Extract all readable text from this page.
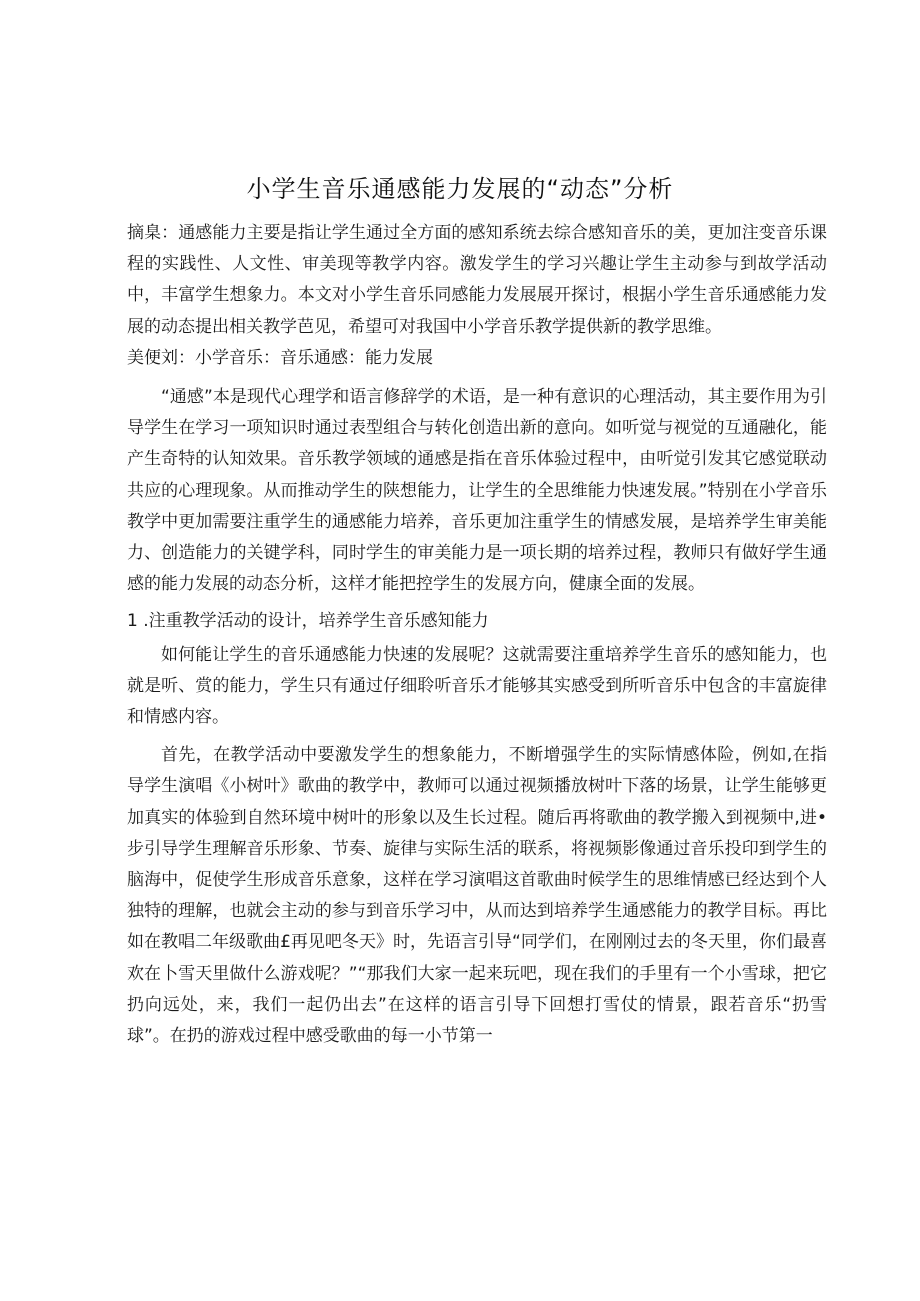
小学生音乐通感能力发展的“动态”分析

摘臬：通感能力主要是指让学生通过全方面的感知系统去综合感知音乐的美，更加注变音乐课程的实践性、人文性、审美现等教学内容。激发学生的学习兴趣让学生主动参与到故学活动中，丰富学生想象力。本文对小学生音乐同感能力发展展开探讨，根据小学生音乐通感能力发展的动态提出相关教学芭见，希望可对我国中小学音乐教学提供新的教学思维。

美便刘：小学音乐：音乐通感：能力发展

“通感”本是现代心理学和语言修辞学的术语，是一种有意识的心理活动，其主要作用为引导学生在学习一项知识时通过表型组合与转化创造出新的意向。如听觉与视觉的互通融化，能产生奇特的认知效果。音乐教学领域的通感是指在音乐体验过程中，由听觉引发其它感觉联动共应的心理现象。从而推动学生的陕想能力，让学生的全思维能力快速发展。”特别在小学音乐教学中更加需要注重学生的通感能力培养，音乐更加注重学生的情感发展，是培养学生审美能力、创造能力的关键学科，同时学生的审美能力是一项长期的培养过程，教师只有做好学生通感的能力发展的动态分析，这样才能把控学生的发展方向，健康全面的发展。

1 .注重教学活动的设计，培养学生音乐感知能力

如何能让学生的音乐通感能力快速的发展呢？这就需要注重培养学生音乐的感知能力，也就是听、赏的能力，学生只有通过仔细聆听音乐才能够其实感受到所听音乐中包含的丰富旋律和情感内容。

首先，在教学活动中要激发学生的想象能力，不断增强学生的实际情感体险，例如,在指导学生演唱《小树叶》歌曲的教学中，教师可以通过视频播放树叶下落的场景，让学生能够更加真实的体验到自然环境中树叶的形象以及生长过程。随后再将歌曲的教学搬入到视频中,进•步引导学生理解音乐形象、节奏、旋律与实际生活的联系，将视频影像通过音乐投印到学生的脑海中，促使学生形成音乐意象，这样在学习演唱这首歌曲时候学生的思维情感已经达到个人独特的理解，也就会主动的参与到音乐学习中，从而达到培养学生通感能力的教学目标。再比如在教唱二年级歌曲£再见吧冬天》时，先语言引导“同学们，在刚刚过去的冬天里，你们最喜欢在卜雪天里做什么游戏呢？”“那我们大家一起来玩吧，现在我们的手里有一个小雪球，把它扔向远处，来，我们一起仍出去”在这样的语言引导下回想打雪仗的情景，跟若音乐“扔雪球”。在扔的游戏过程中感受歌曲的每一小节第一
